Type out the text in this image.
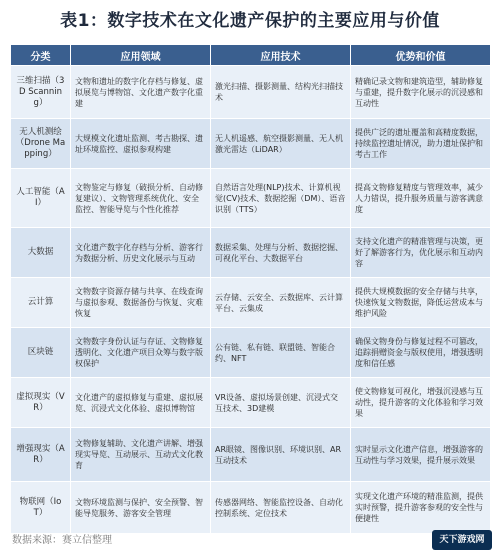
表1：数字技术在文化遗产保护的主要应用与价值
分类	应用领域	应用技术	优势和价值
三维扫描（3D Scanning）	文物和遗址的数字化存档与修复、虚拟展览与博物馆、文化遗产数字化重建	激光扫描、摄影测量、结构光扫描技术	精确记录文物和建筑造型，辅助修复与重建，提升数字化展示的沉浸感和互动性
无人机测绘（Drone Mapping）	大规模文化遗址监测、考古勘探、遗址环境监控、虚拟参观构建	无人机遥感、航空摄影测量、无人机激光雷达（LiDAR）	提供广泛的遗址覆盖和高精度数据，持续监控遗址情况，助力遗址保护和考古工作
人工智能（AI）	文物鉴定与修复（破损分析、自动修复建议）、文物管理系统优化、安全监控、智能导览与个性化推荐	自然语言处理(NLP)技术、计算机视觉(CV)技术、数据挖掘（DM）、语音识别（TTS）	提高文物修复精度与管理效率，减少人力错误，提升服务质量与游客满意度
大数据	文化遗产数字化存档与分析、游客行为数据分析、历史文化展示与互动	数据采集、处理与分析、数据挖掘、可视化平台、大数据平台	支持文化遗产的精准管理与决策，更好了解游客行为，优化展示和互动内容
云计算	文物数字资源存储与共享、在线查询与虚拟参观、数据备份与恢复、灾难恢复	云存储、云安全、云数据库、云计算平台、云集成	提供大规模数据的安全存储与共享，快速恢复文物数据，降低运营成本与维护风险
区块链	文物数字身份认证与存证、文物修复透明化、文化遗产项目众筹与数字版权保护	公有链、私有链、联盟链、智能合约、NFT	确保文物身份与修复过程不可篡改，追踪捐赠资金与版权使用，增强透明度和信任感
虚拟现实（VR）	文化遗产的虚拟修复与重建、虚拟展览、沉浸式文化体验、虚拟博物馆	VR设备、虚拟场景创建、沉浸式交互技术、3D建模	使文物修复可视化，增强沉浸感与互动性，提升游客的文化体验和学习效果
增强现实（AR）	文物修复辅助、文化遗产讲解、增强现实导览、互动展示、互动式文化教育	AR眼镜、图像识别、环境识别、AR互动技术	实时显示文化遗产信息，增强游客的互动性与学习效果，提升展示效果
物联网（IoT）	文物环境监测与保护、安全预警、智能导览服务、游客安全管理	传感器网络、智能监控设备、自动化控制系统、定位技术	实现文化遗产环境的精准监测，提供实时预警，提升游客参观的安全性与便捷性
数据来源：赛立信整理	天下游戏网
